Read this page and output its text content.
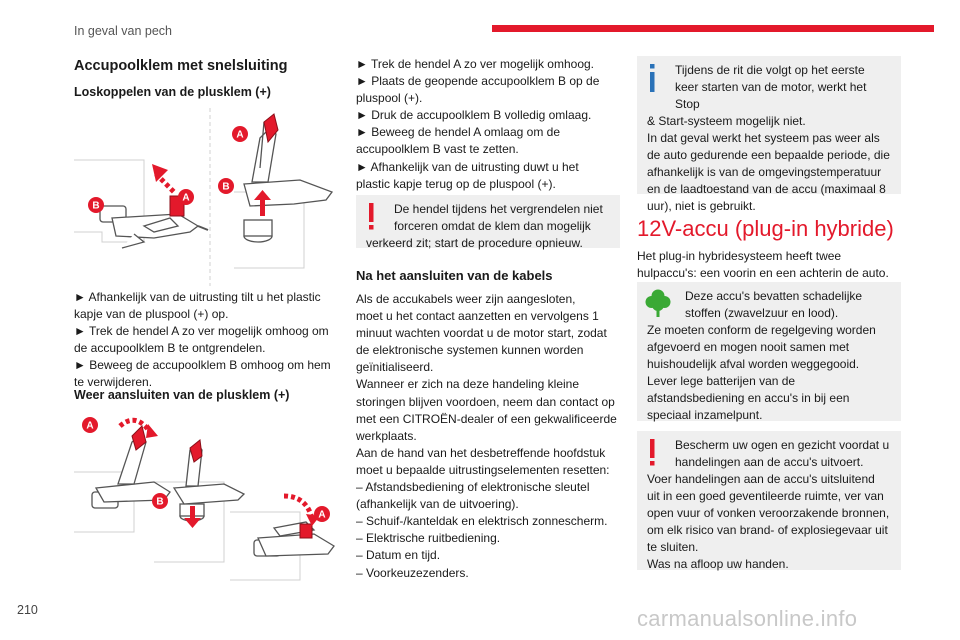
In geval van pech
Accupoolklem met snelsluiting
Loskoppelen van de plusklem (+)
B
A
B
A

► Afhankelijk van de uitrusting tilt u het plastic
kapje van de pluspool (+) op.
► Trek de hendel A zo ver mogelijk omhoog om
de accupoolklem B te ontgrendelen.
► Beweeg de accupoolklem B omhoog om hem
te verwijderen.

Weer aansluiten van de plusklem (+)
A
B
A

► Trek de hendel A zo ver mogelijk omhoog.
► Plaats de geopende accupoolklem B op de
pluspool (+).
► Druk de accupoolklem B volledig omlaag.
► Beweeg de hendel A omlaag om de
accupoolklem B vast te zetten.
► Afhankelijk van de uitrusting duwt u het
plastic kapje terug op de pluspool (+).

De hendel tijdens het vergrendelen niet
forceren omdat de klem dan mogelijk
verkeerd zit; start de procedure opnieuw.
Na het aansluiten van de kabels

Als de accukabels weer zijn aangesloten,
moet u het contact aanzetten en vervolgens 1
minuut wachten voordat u de motor start, zodat
de elektronische systemen kunnen worden
geïnitialiseerd.
Wanneer er zich na deze handeling kleine
storingen blijven voordoen, neem dan contact op
met een CITROËN-dealer of een gekwalificeerde
werkplaats.
Aan de hand van het desbetreffende hoofdstuk
moet u bepaalde uitrustingselementen resetten:
– Afstandsbediening of elektronische sleutel
(afhankelijk van de uitvoering).
– Schuif-/kanteldak en elektrisch zonnescherm.
– Elektrische ruitbediening.
– Datum en tijd.
– Voorkeuzezenders.

Tijdens de rit die volgt op het eerste
keer starten van de motor, werkt het Stop
& Start-systeem mogelijk niet.
In dat geval werkt het systeem pas weer als
de auto gedurende een bepaalde periode, die
afhankelijk is van de omgevingstemperatuur
en de laadtoestand van de accu (maximaal 8
uur), niet is gebruikt.
12V-accu (plug-in hybride)

Het plug-in hybridesysteem heeft twee
hulpaccu's: een voorin en een achterin de auto.

Deze accu's bevatten schadelijke
stoffen (zwavelzuur en lood).
Ze moeten conform de regelgeving worden
afgevoerd en mogen nooit samen met
huishoudelijk afval worden weggegooid.
Lever lege batterijen van de
afstandsbediening en accu's in bij een
speciaal inzamelpunt.
Bescherm uw ogen en gezicht voordat u
handelingen aan de accu's uitvoert.
Voer handelingen aan de accu's uitsluitend
uit in een goed geventileerde ruimte, ver van
open vuur of vonken veroorzakende bronnen,
om elk risico van brand- of explosiegevaar uit
te sluiten.
Was na afloop uw handen.
210	carmanualsonline.info
